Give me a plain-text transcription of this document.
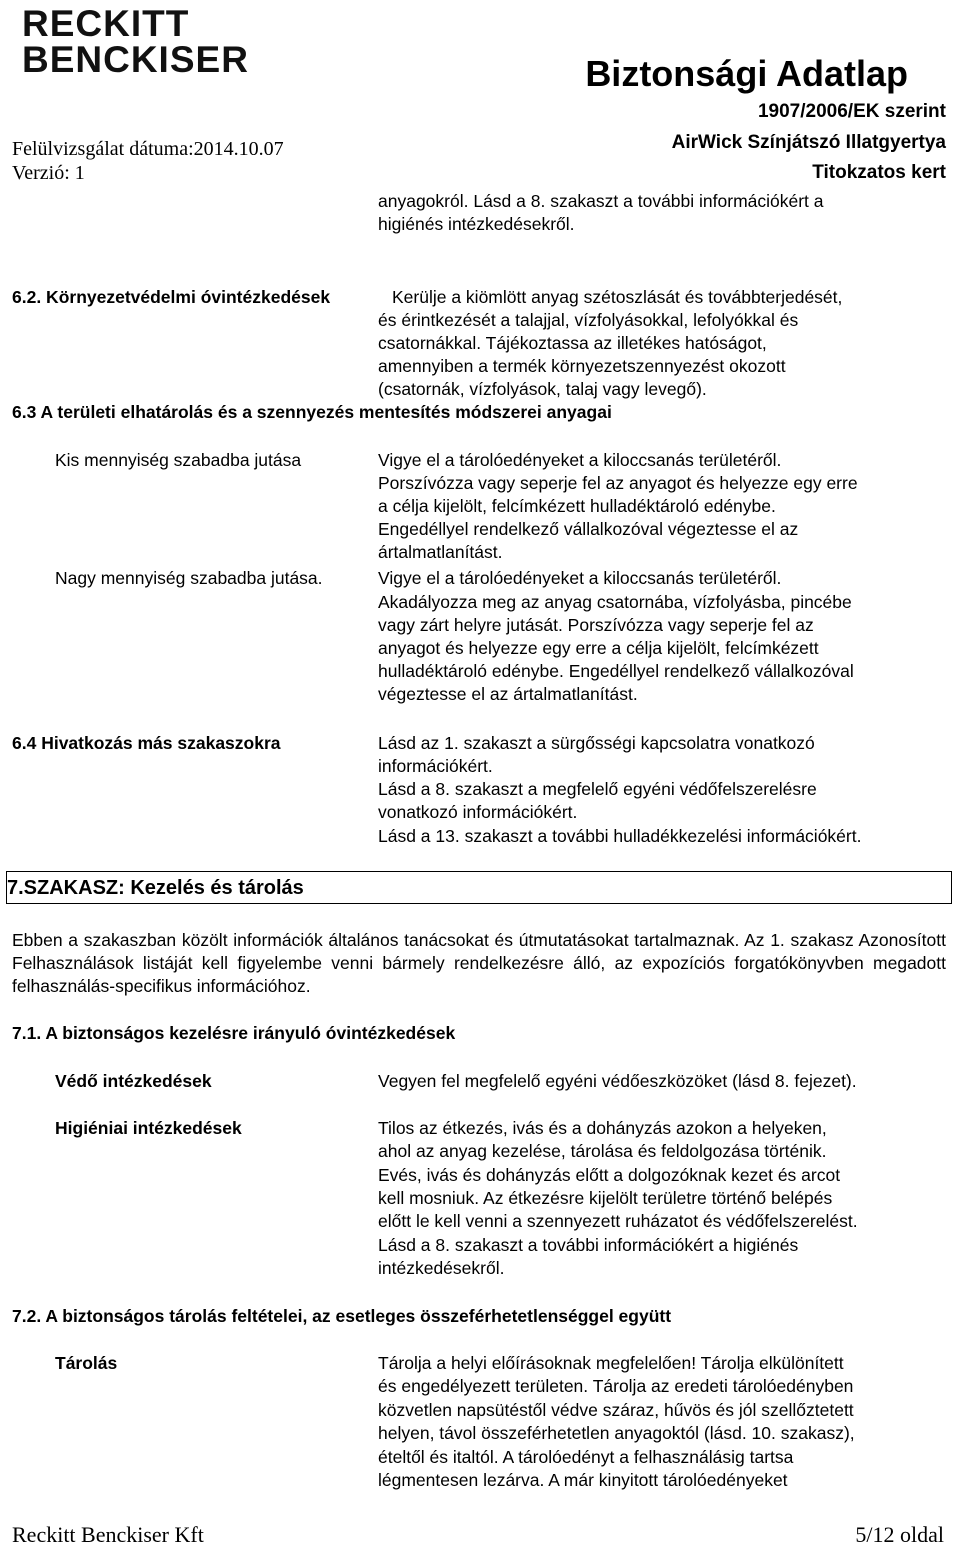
RECKITT
BENCKISER
Felülvizsgálat dátuma:2014.10.07
Verzió: 1
Biztonsági Adatlap
1907/2006/EK szerint
AirWick Színjátszó Illatgyertya
Titokzatos kert
anyagokról. Lásd a 8. szakaszt a további információkért a
higiénés intézkedésekről.
6.2. Környezetvédelmi óvintézkedések	Kerülje a kiömlött anyag szétoszlását és továbbterjedését,
és érintkezését a talajjal, vízfolyásokkal, lefolyókkal és
csatornákkal. Tájékoztassa az illetékes hatóságot,
amennyiben a termék környezetszennyezést okozott
(csatornák, vízfolyások, talaj vagy levegő).
6.3 A területi elhatárolás és a szennyezés mentesítés módszerei anyagai
Kis mennyiség szabadba jutása	Vigye el a tárolóedényeket a kiloccsanás területéről.
Porszívózza vagy seperje fel az anyagot és helyezze egy erre
a célja kijelölt, felcímkézett hulladéktároló edénybe.
Engedéllyel rendelkező vállalkozóval végeztesse el az
ártalmatlanítást.
Nagy mennyiség szabadba jutása.	Vigye el a tárolóedényeket a kiloccsanás területéről.
Akadályozza meg az anyag csatornába, vízfolyásba, pincébe
vagy zárt helyre jutását. Porszívózza vagy seperje fel az
anyagot és helyezze egy erre a célja kijelölt, felcímkézett
hulladéktároló edénybe. Engedéllyel rendelkező vállalkozóval
végeztesse el az ártalmatlanítást.
6.4 Hivatkozás más szakaszokra	Lásd az 1. szakaszt a sürgősségi kapcsolatra vonatkozó
információkért.
Lásd a 8. szakaszt a megfelelő egyéni védőfelszerelésre
vonatkozó információkért.
Lásd a 13. szakaszt a további hulladékkezelési információkért.
7.SZAKASZ: Kezelés és tárolás
Ebben a szakaszban közölt információk általános tanácsokat és útmutatásokat tartalmaznak. Az 1. szakasz Azonosított Felhasználások listáját kell figyelembe venni bármely rendelkezésre álló, az expozíciós forgatókönyvben megadott felhasználás-specifikus információhoz.
7.1. A biztonságos kezelésre irányuló óvintézkedések
Védő intézkedések	Vegyen fel megfelelő egyéni védőeszközöket (lásd 8. fejezet).
Higiéniai intézkedések	Tilos az étkezés, ivás és a dohányzás azokon a helyeken,
ahol az anyag kezelése, tárolása és feldolgozása történik.
Evés, ivás és dohányzás előtt a dolgozóknak kezet és arcot
kell mosniuk. Az étkezésre kijelölt területre történő belépés
előtt le kell venni a szennyezett ruházatot és védőfelszerelést.
Lásd a 8. szakaszt a további információkért a higiénés
intézkedésekről.
7.2. A biztonságos tárolás feltételei, az esetleges összeférhetetlenséggel együtt
Tárolás	Tárolja a helyi előírásoknak megfelelően! Tárolja elkülönített
és engedélyezett területen. Tárolja az eredeti tárolóedényben
közvetlen napsütéstől védve száraz, hűvös és jól szellőztetett
helyen, távol összeférhetetlen anyagoktól (lásd. 10. szakasz),
ételtől és italtól. A tárolóedényt a felhasználásig tartsa
légmentesen lezárva. A már kinyitott tárolóedényeket
Reckitt Benckiser Kft	5/12 oldal
